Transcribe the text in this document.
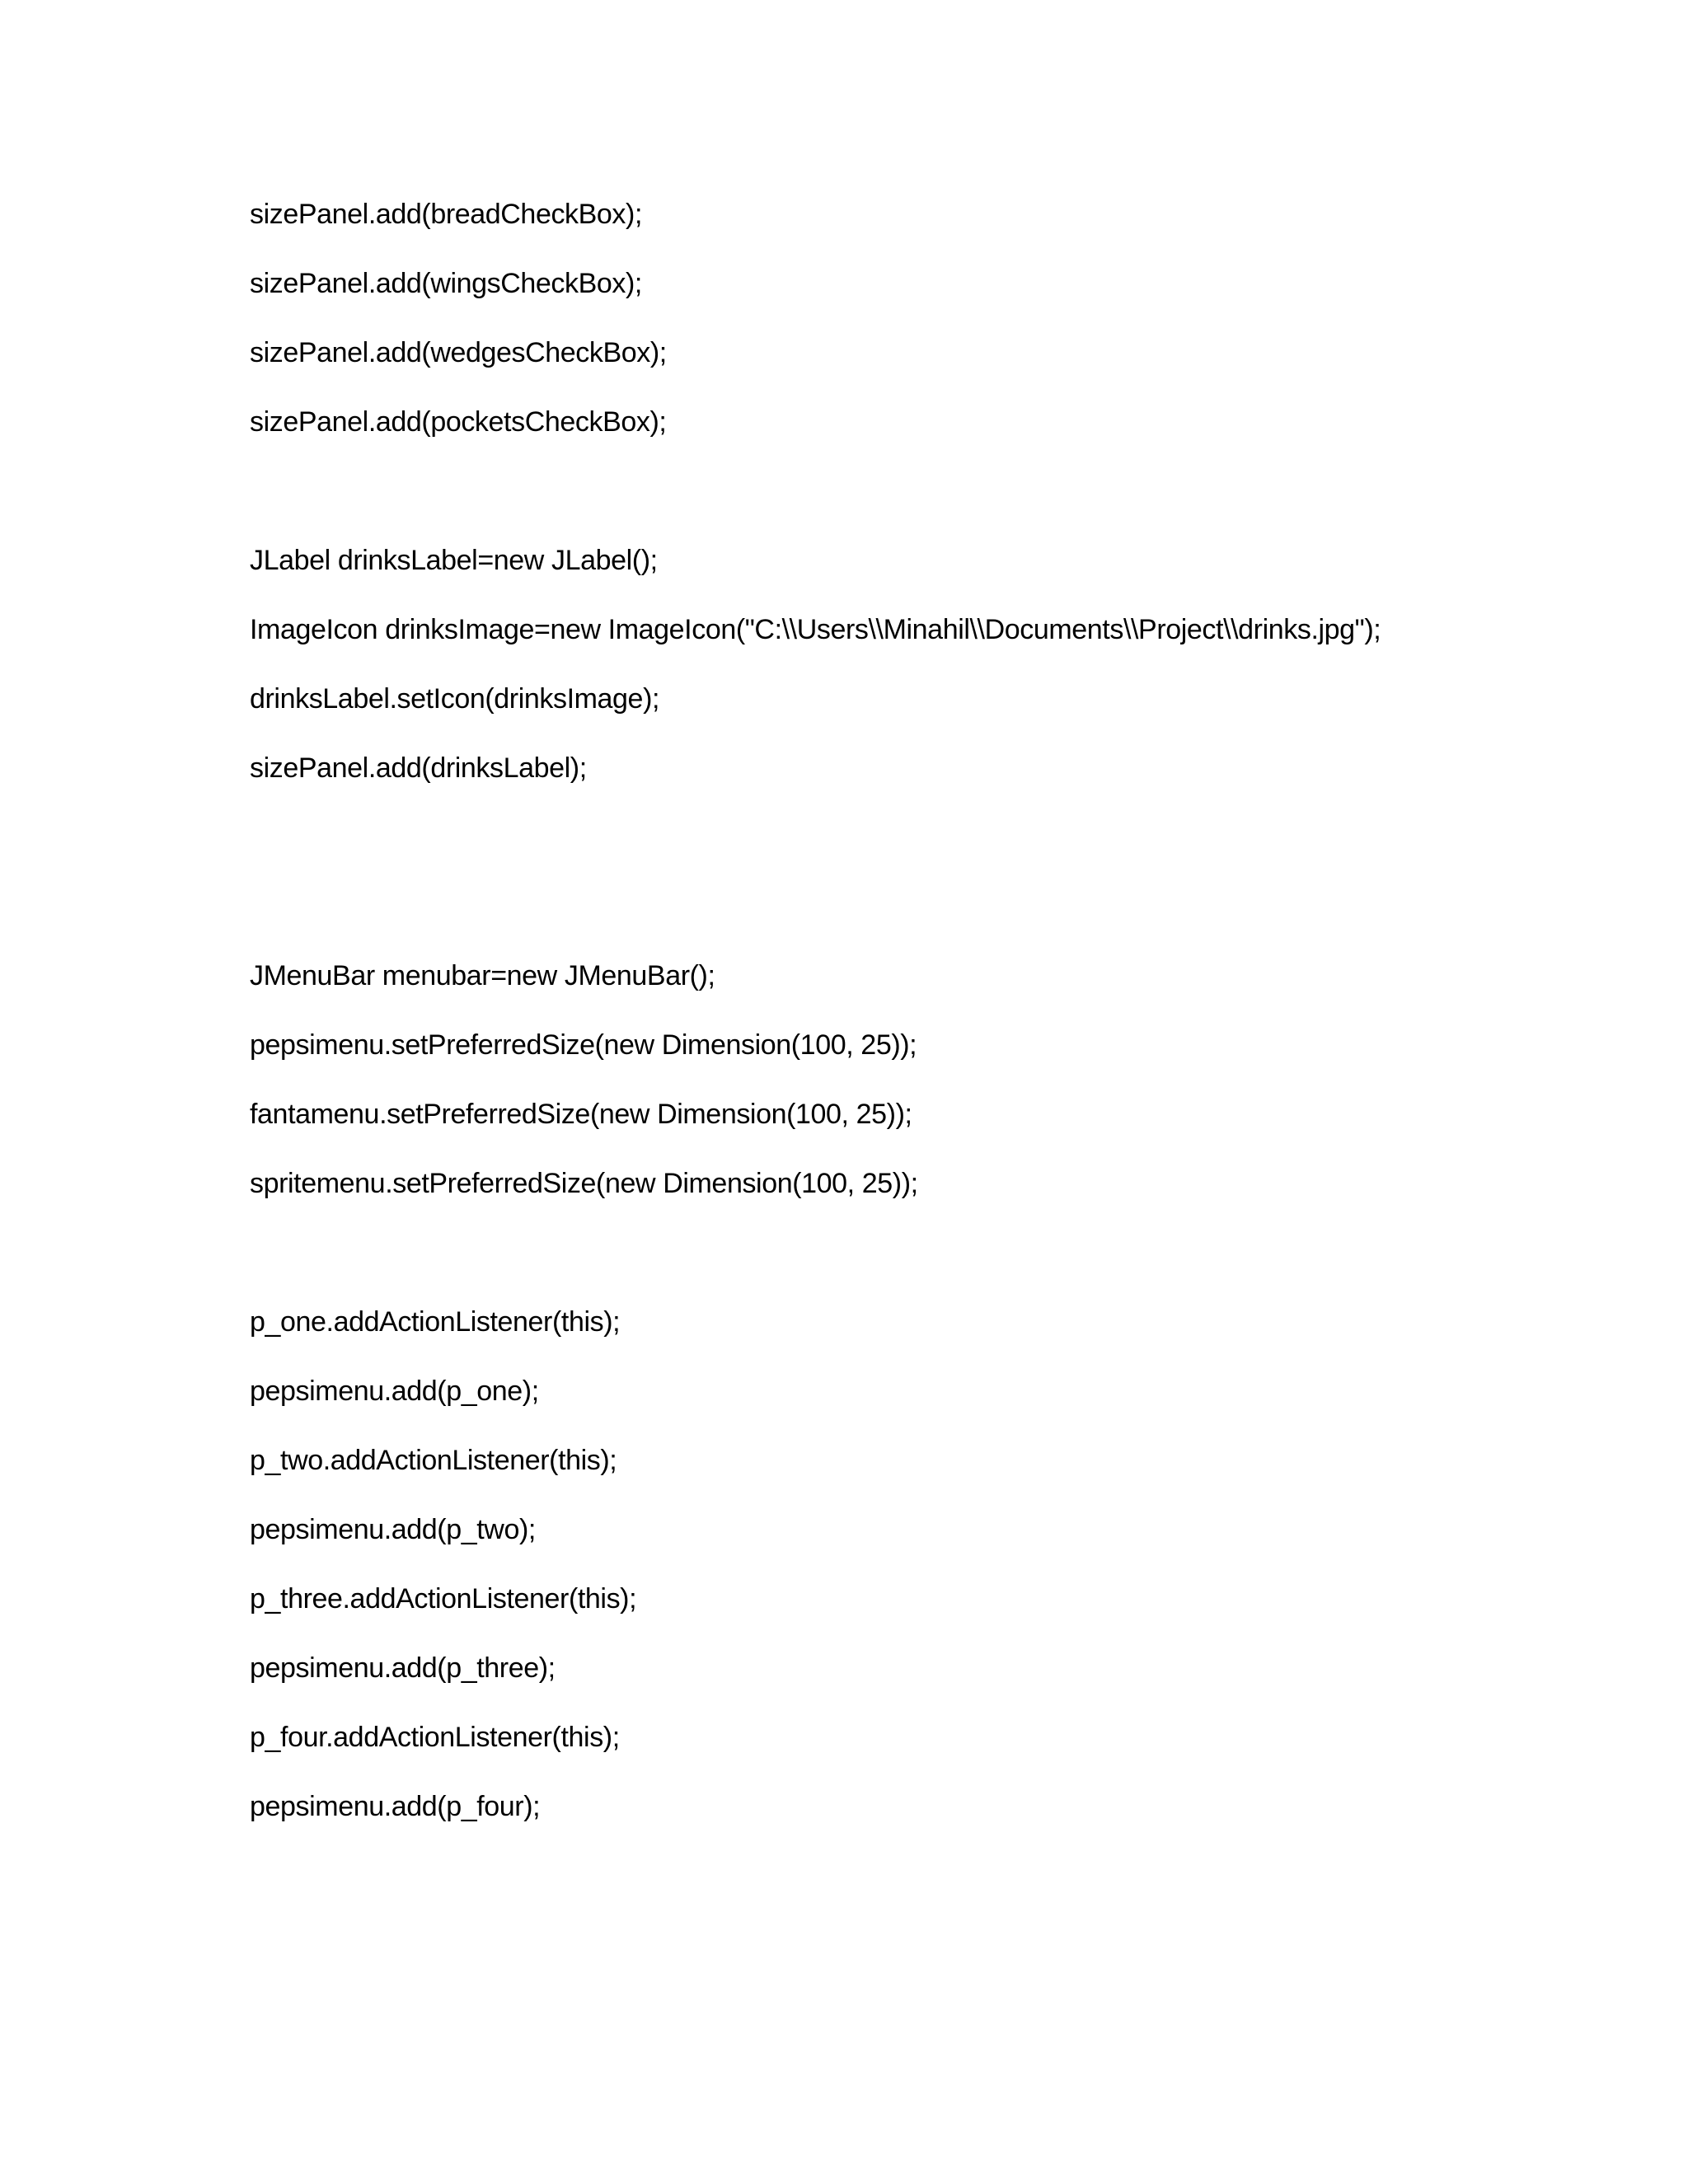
sizePanel.add(breadCheckBox);
sizePanel.add(wingsCheckBox);
sizePanel.add(wedgesCheckBox);
sizePanel.add(pocketsCheckBox);
JLabel drinksLabel=new JLabel();
ImageIcon drinksImage=new ImageIcon("C:\\Users\\Minahil\\Documents\\Project\\drinks.jpg");
drinksLabel.setIcon(drinksImage);
sizePanel.add(drinksLabel);
JMenuBar menubar=new JMenuBar();
pepsimenu.setPreferredSize(new Dimension(100, 25));
fantamenu.setPreferredSize(new Dimension(100, 25));
spritemenu.setPreferredSize(new Dimension(100, 25));
p_one.addActionListener(this);
pepsimenu.add(p_one);
p_two.addActionListener(this);
pepsimenu.add(p_two);
p_three.addActionListener(this);
pepsimenu.add(p_three);
p_four.addActionListener(this);
pepsimenu.add(p_four);
